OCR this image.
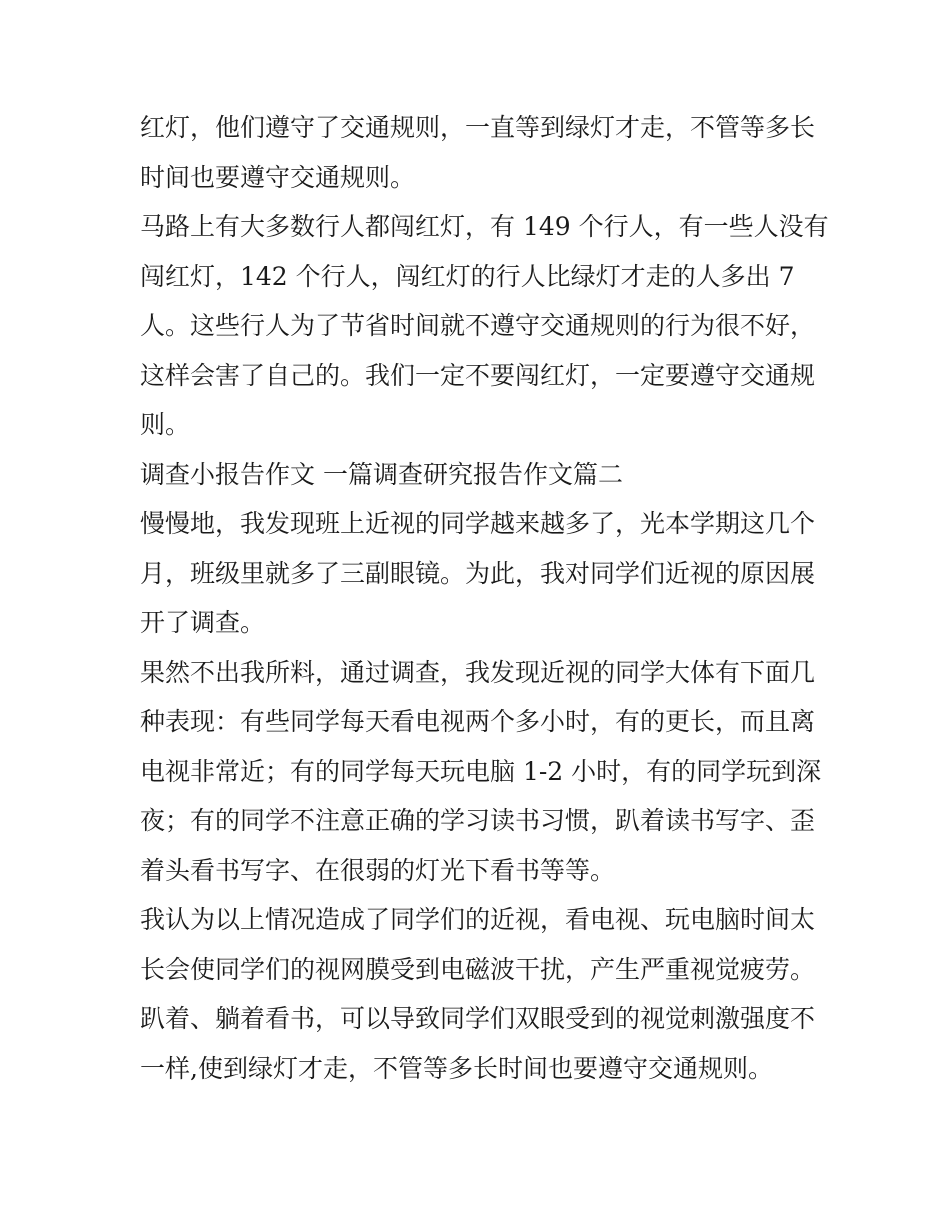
红灯，他们遵守了交通规则，一直等到绿灯才走，不管等多长
时间也要遵守交通规则。
马路上有大多数行人都闯红灯，有 149 个行人，有一些人没有
闯红灯，142 个行人，闯红灯的行人比绿灯才走的人多出 7
人。这些行人为了节省时间就不遵守交通规则的行为很不好，
这样会害了自己的。我们一定不要闯红灯，一定要遵守交通规
则。
调查小报告作文 一篇调查研究报告作文篇二
慢慢地，我发现班上近视的同学越来越多了，光本学期这几个
月，班级里就多了三副眼镜。为此，我对同学们近视的原因展
开了调查。
果然不出我所料，通过调查，我发现近视的同学大体有下面几
种表现：有些同学每天看电视两个多小时，有的更长，而且离
电视非常近；有的同学每天玩电脑 1-2 小时，有的同学玩到深
夜；有的同学不注意正确的学习读书习惯，趴着读书写字、歪
着头看书写字、在很弱的灯光下看书等等。
我认为以上情况造成了同学们的近视，看电视、玩电脑时间太
长会使同学们的视网膜受到电磁波干扰，产生严重视觉疲劳。
趴着、躺着看书，可以导致同学们双眼受到的视觉刺激强度不
一样,使到绿灯才走，不管等多长时间也要遵守交通规则。
